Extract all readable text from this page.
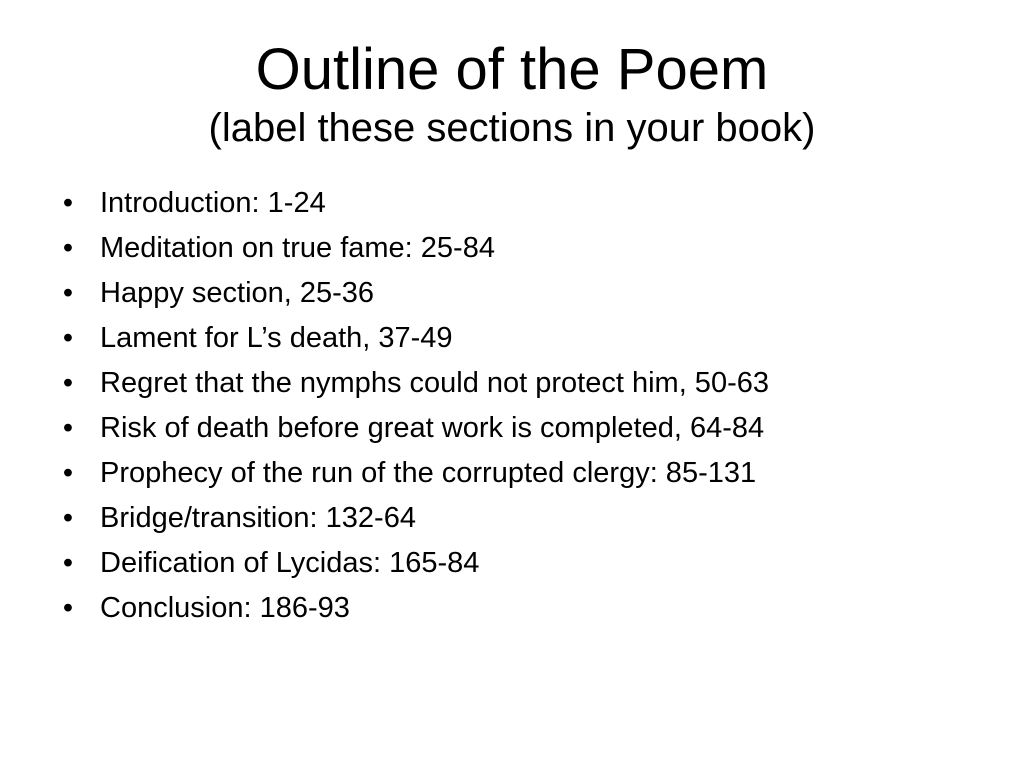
Outline of the Poem
(label these sections in your book)
• Introduction: 1-24
• Meditation on true fame: 25-84
• Happy section, 25-36
• Lament for L’s death, 37-49
• Regret that the nymphs could not protect him, 50-63
• Risk of death before great work is completed, 64-84
• Prophecy of the run of the corrupted clergy: 85-131
• Bridge/transition: 132-64
• Deification of Lycidas: 165-84
• Conclusion: 186-93
